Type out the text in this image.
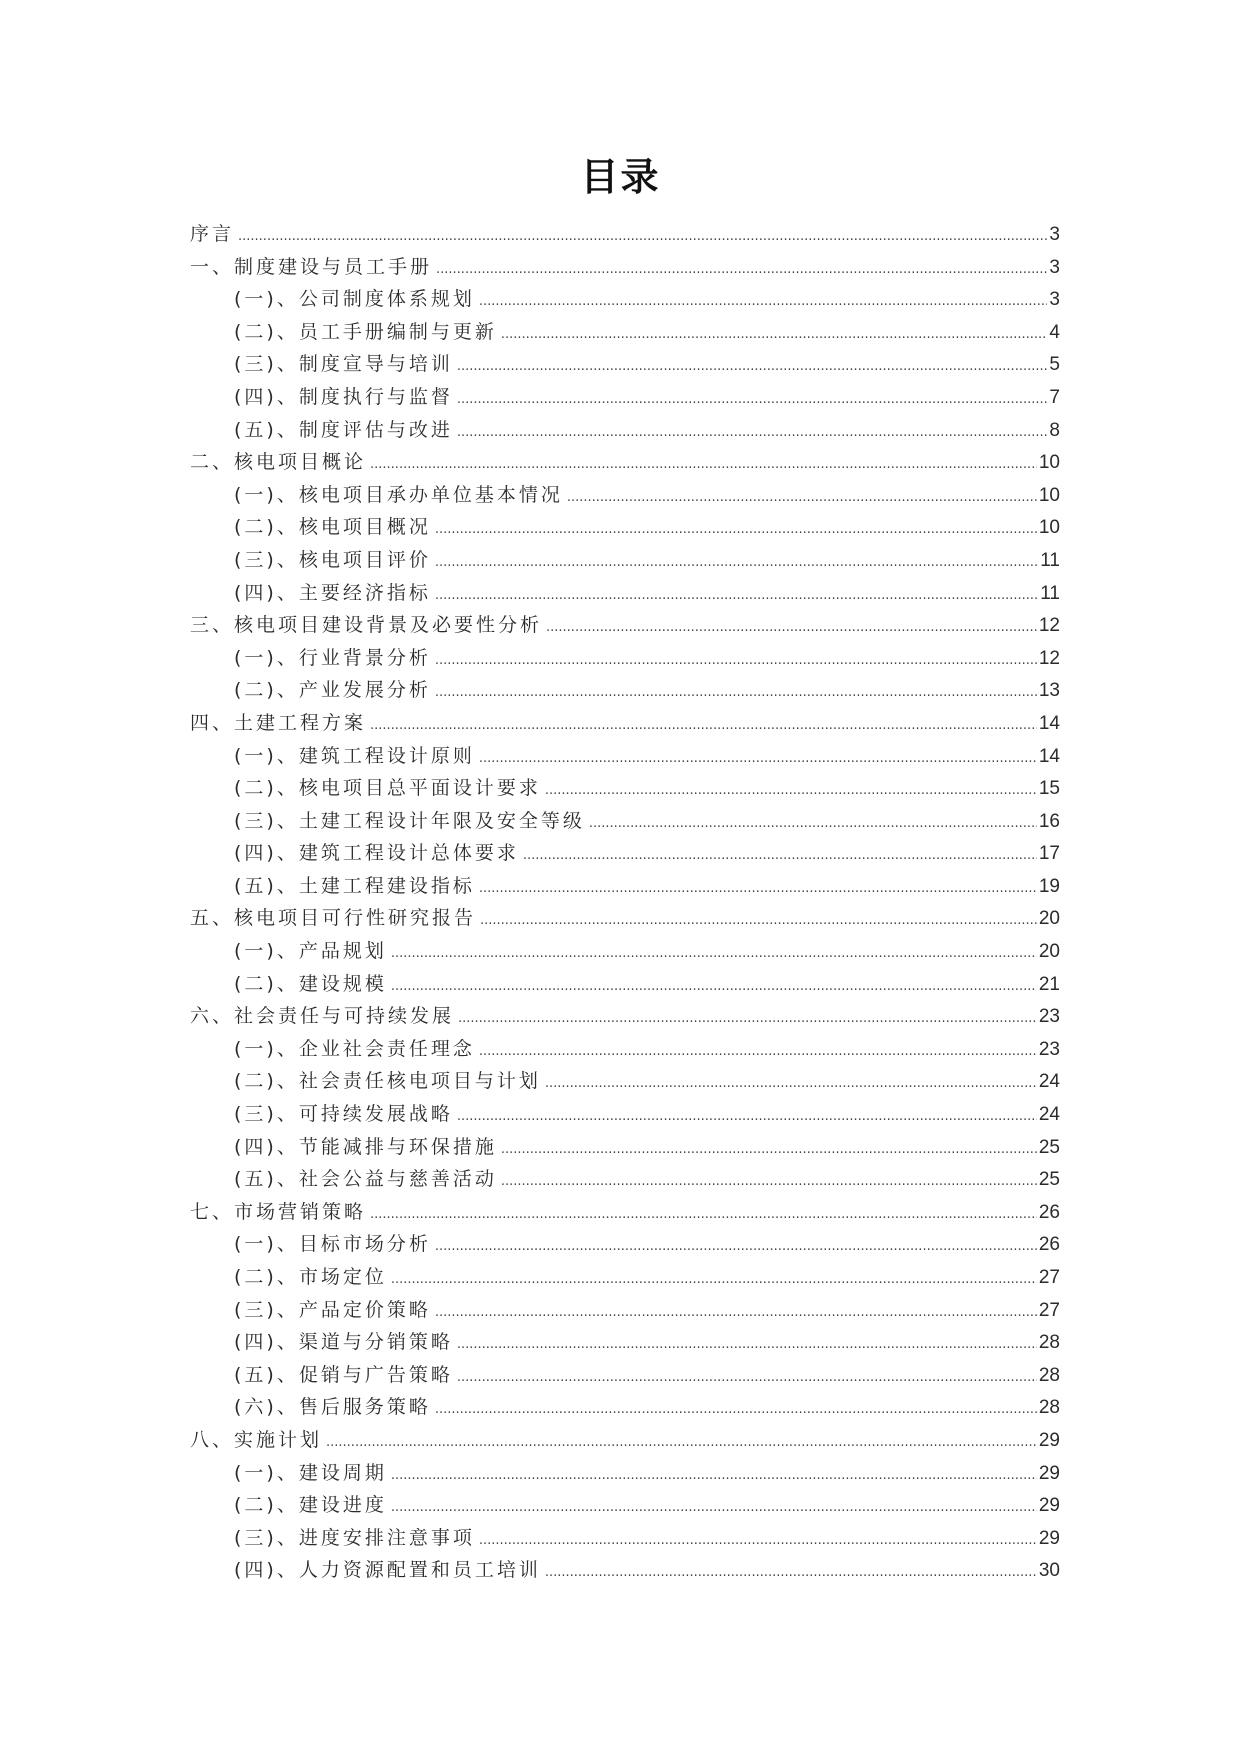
目录
序言 .....	3
一、制度建设与员工手册 .....	3
(一)、公司制度体系规划 .....	3
(二)、员工手册编制与更新 .....	4
(三)、制度宣导与培训 .....	5
(四)、制度执行与监督 .....	7
(五)、制度评估与改进 .....	8
二、核电项目概论 .....	10
(一)、核电项目承办单位基本情况 .....	10
(二)、核电项目概况 .....	10
(三)、核电项目评价 .....	11
(四)、主要经济指标 .....	11
三、核电项目建设背景及必要性分析 .....	12
(一)、行业背景分析 .....	12
(二)、产业发展分析 .....	13
四、土建工程方案 .....	14
(一)、建筑工程设计原则 .....	14
(二)、核电项目总平面设计要求 .....	15
(三)、土建工程设计年限及安全等级 .....	16
(四)、建筑工程设计总体要求 .....	17
(五)、土建工程建设指标 .....	19
五、核电项目可行性研究报告 .....	20
(一)、产品规划 .....	20
(二)、建设规模 .....	21
六、社会责任与可持续发展 .....	23
(一)、企业社会责任理念 .....	23
(二)、社会责任核电项目与计划 .....	24
(三)、可持续发展战略 .....	24
(四)、节能减排与环保措施 .....	25
(五)、社会公益与慈善活动 .....	25
七、市场营销策略 .....	26
(一)、目标市场分析 .....	26
(二)、市场定位 .....	27
(三)、产品定价策略 .....	27
(四)、渠道与分销策略 .....	28
(五)、促销与广告策略 .....	28
(六)、售后服务策略 .....	28
八、实施计划 .....	29
(一)、建设周期 .....	29
(二)、建设进度 .....	29
(三)、进度安排注意事项 .....	29
(四)、人力资源配置和员工培训 .....	30
